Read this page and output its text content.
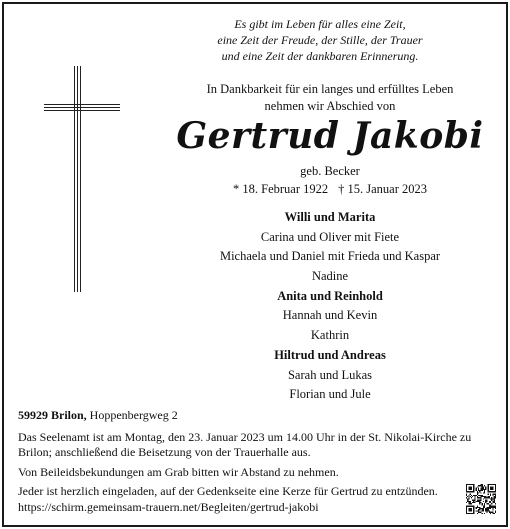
Es gibt im Leben für alles eine Zeit,
eine Zeit der Freude, der Stille, der Trauer
und eine Zeit der dankbaren Erinnerung.
In Dankbarkeit für ein langes und erfülltes Leben
nehmen wir Abschied von
Gertrud Jakobi
geb. Becker
* 18. Februar 1922 † 15. Januar 2023
Willi und Marita
Carina und Oliver mit Fiete
Michaela und Daniel mit Frieda und Kaspar
Nadine
Anita und Reinhold
Hannah und Kevin
Kathrin
Hiltrud und Andreas
Sarah und Lukas
Florian und Jule

59929 Brilon, Hoppenbergweg 2

Das Seelenamt ist am Montag, den 23. Januar 2023 um 14.00 Uhr in der St. Nikolai-Kirche zu Brilon; anschließend die Beisetzung von der Trauerhalle aus.

Von Beileidsbekundungen am Grab bitten wir Abstand zu nehmen.

Jeder ist herzlich eingeladen, auf der Gedenkseite eine Kerze für Gertrud zu entzünden.

https://schirm.gemeinsam-trauern.net/Begleiten/gertrud-jakobi
